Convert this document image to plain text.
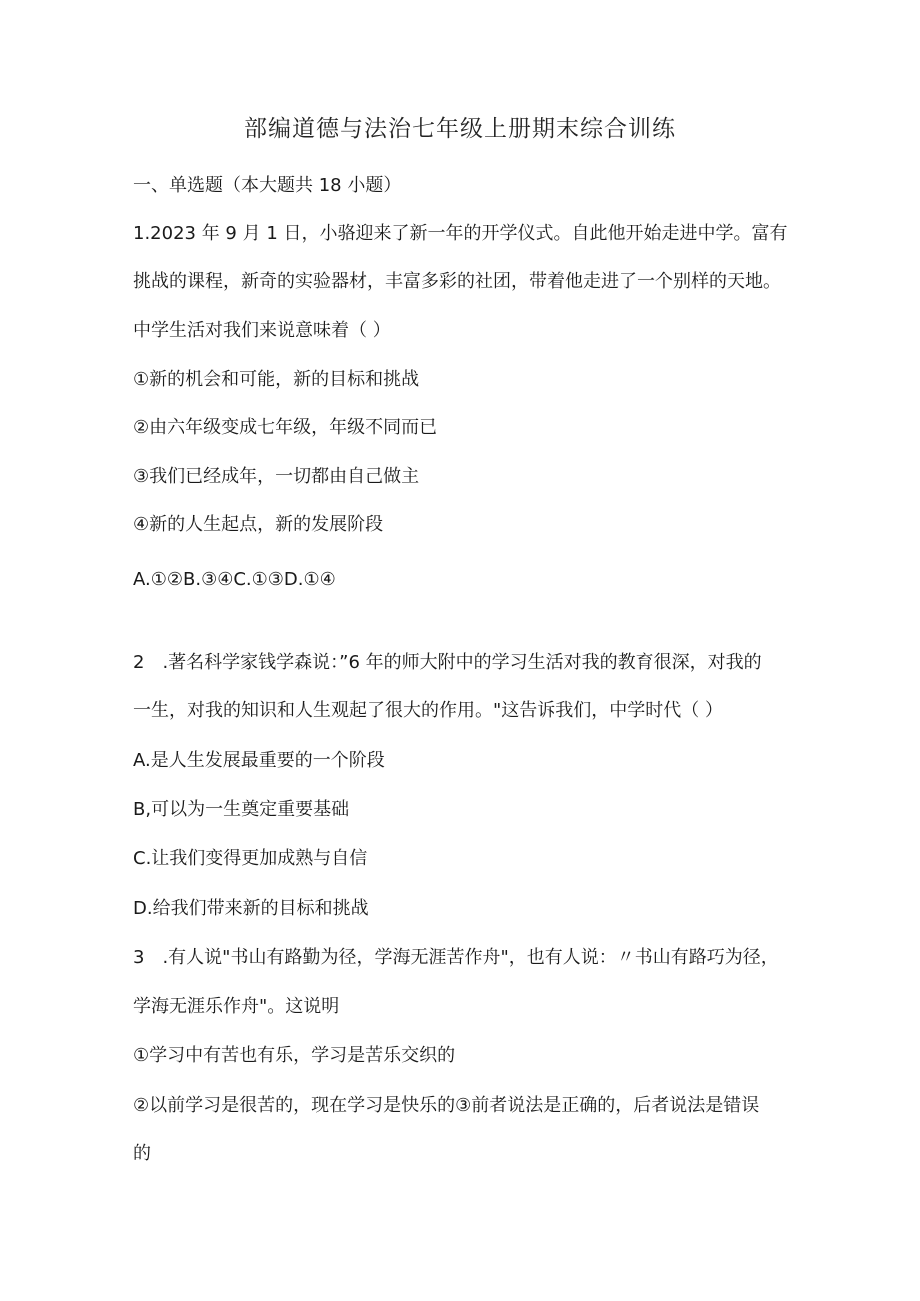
部编道德与法治七年级上册期末综合训练
一、单选题（本大题共 18 小题）
1.2023 年 9 月 1 日，小骆迎来了新一年的开学仪式。自此他开始走进中学。富有
挑战的课程，新奇的实验器材，丰富多彩的社团，带着他走进了一个别样的天地。
中学生活对我们来说意味着（ ）
①新的机会和可能，新的目标和挑战
②由六年级变成七年级，年级不同而已
③我们已经成年，一切都由自己做主
④新的人生起点，新的发展阶段
A.①②B.③④C.①③D.①④
2　.著名科学家钱学森说：”6 年的师大附中的学习生活对我的教育很深，对我的
一生，对我的知识和人生观起了很大的作用。"这告诉我们，中学时代（ ）
A.是人生发展最重要的一个阶段
B,可以为一生奠定重要基础
C.让我们变得更加成熟与自信
D.给我们带来新的目标和挑战
3　.有人说"书山有路勤为径，学海无涯苦作舟"，也有人说：〃书山有路巧为径，
学海无涯乐作舟"。这说明
①学习中有苦也有乐，学习是苦乐交织的
②以前学习是很苦的，现在学习是快乐的③前者说法是正确的，后者说法是错误
的
